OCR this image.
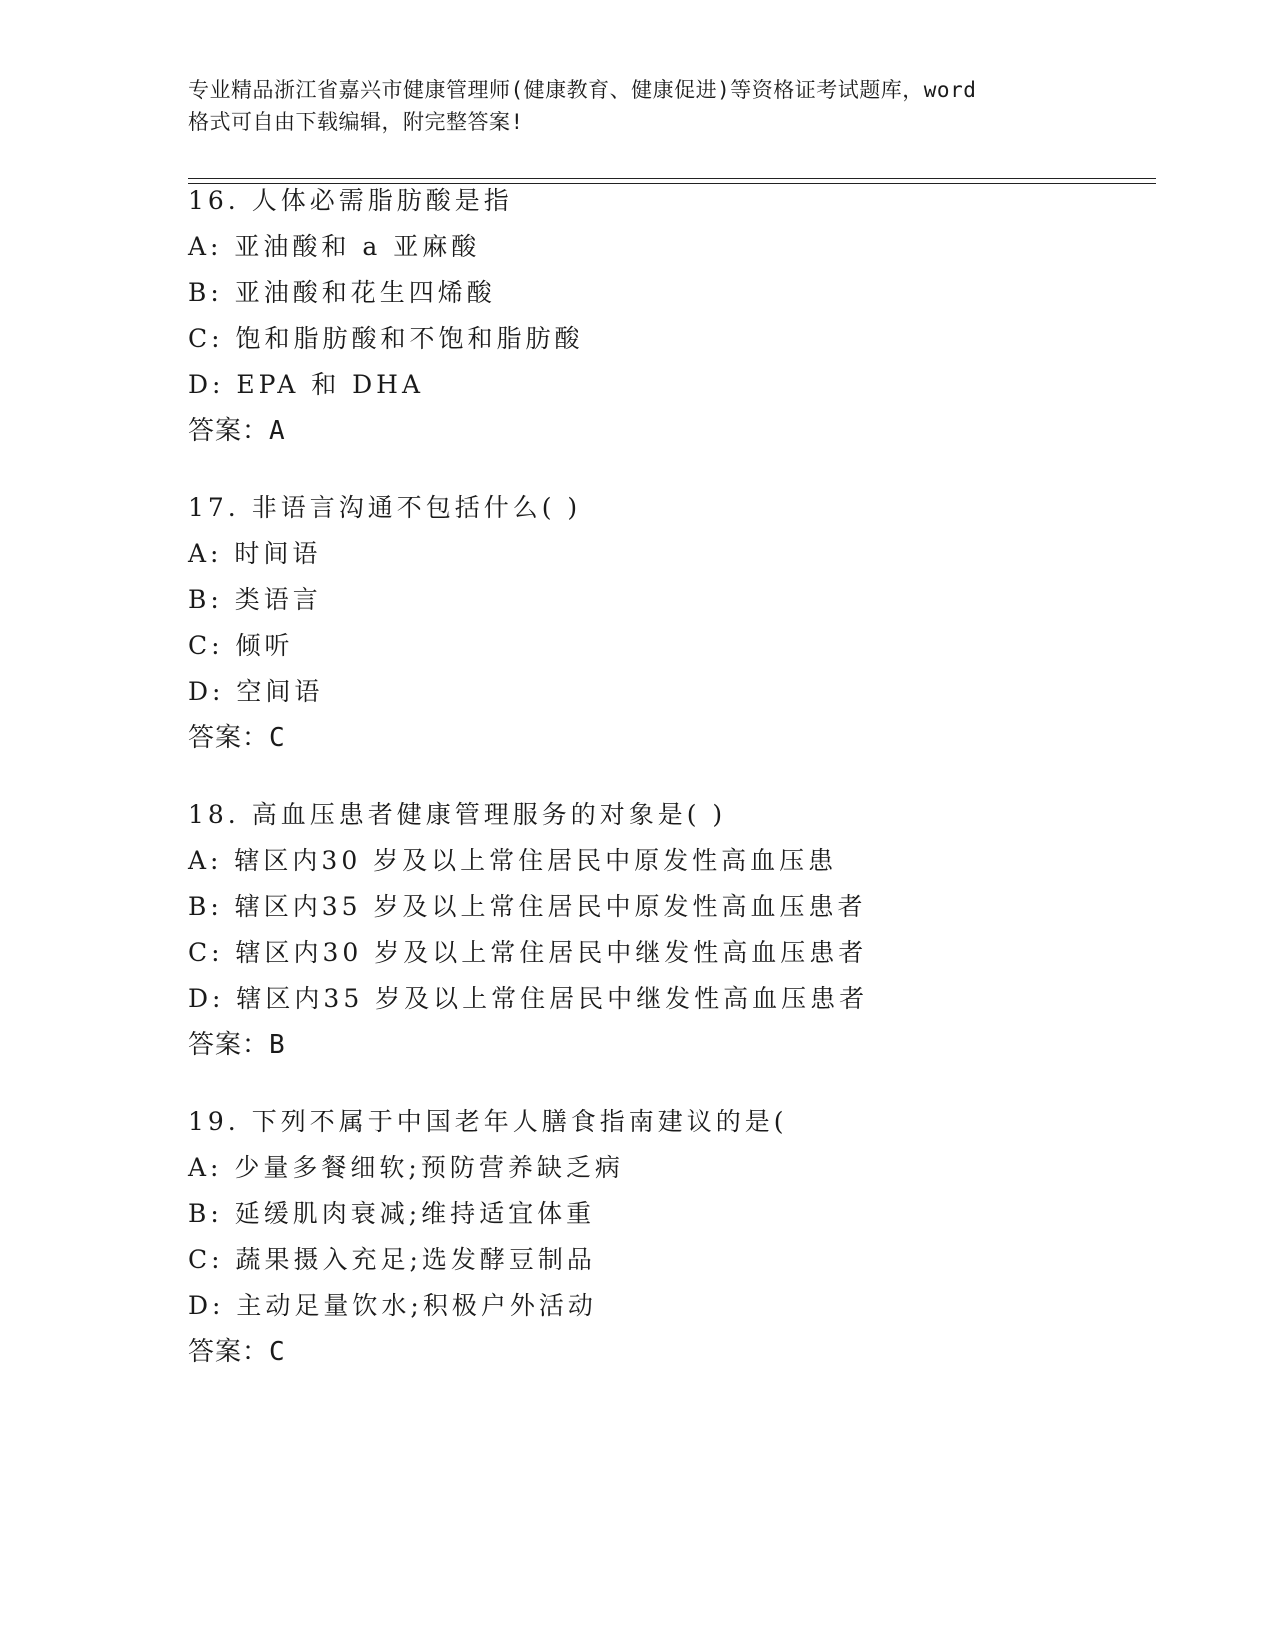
专业精品浙江省嘉兴市健康管理师(健康教育、健康促进)等资格证考试题库，word
格式可自由下载编辑，附完整答案!
16. 人体必需脂肪酸是指
A: 亚油酸和 a 亚麻酸
B: 亚油酸和花生四烯酸
C: 饱和脂肪酸和不饱和脂肪酸
D: EPA 和 DHA
答案：A
17. 非语言沟通不包括什么( )
A: 时间语
B: 类语言
C: 倾听
D: 空间语
答案：C
18. 高血压患者健康管理服务的对象是( )
A: 辖区内30 岁及以上常住居民中原发性高血压患
B: 辖区内35 岁及以上常住居民中原发性高血压患者
C: 辖区内30 岁及以上常住居民中继发性高血压患者
D: 辖区内35 岁及以上常住居民中继发性高血压患者
答案：B
19. 下列不属于中国老年人膳食指南建议的是(
A: 少量多餐细软;预防营养缺乏病
B: 延缓肌肉衰减;维持适宜体重
C: 蔬果摄入充足;选发酵豆制品
D: 主动足量饮水;积极户外活动
答案：C
